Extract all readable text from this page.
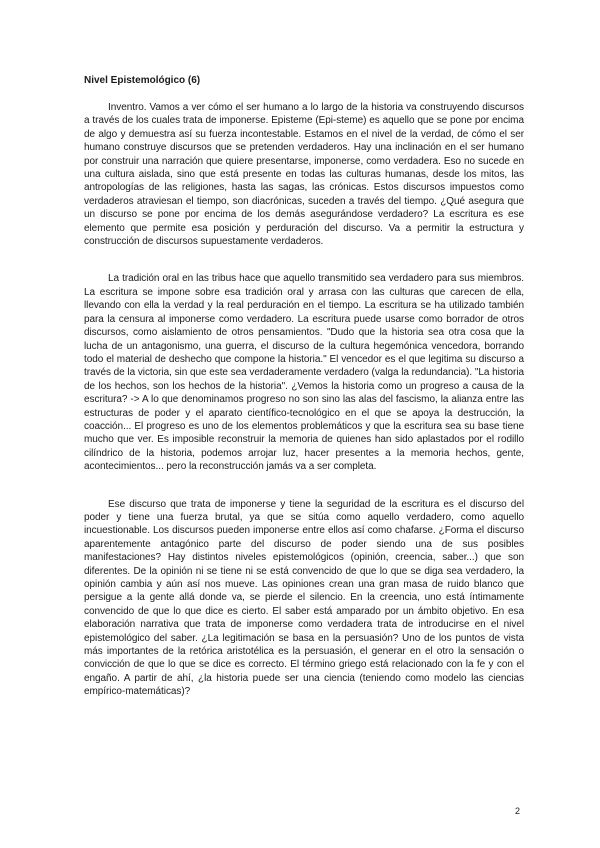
Nivel Epistemológico (6)

Inventro. Vamos a ver cómo el ser humano a lo largo de la historia va construyendo discursos a través de los cuales trata de imponerse. Episteme (Epi-steme) es aquello que se pone por encima de algo y demuestra así su fuerza incontestable. Estamos en el nivel de la verdad, de cómo el ser humano construye discursos que se pretenden verdaderos. Hay una inclinación en el ser humano por construir una narración que quiere presentarse, imponerse, como verdadera. Eso no sucede en una cultura aislada, sino que está presente en todas las culturas humanas, desde los mitos, las antropologías de las religiones, hasta las sagas, las crónicas. Estos discursos impuestos como verdaderos atraviesan el tiempo, son diacrónicas, suceden a través del tiempo. ¿Qué asegura que un discurso se pone por encima de los demás asegurándose verdadero? La escritura es ese elemento que permite esa posición y perduración del discurso. Va a permitir la estructura y construcción de discursos supuestamente verdaderos.

La tradición oral en las tribus hace que aquello transmitido sea verdadero para sus miembros. La escritura se impone sobre esa tradición oral y arrasa con las culturas que carecen de ella, llevando con ella la verdad y la real perduración en el tiempo. La escritura se ha utilizado también para la censura al imponerse como verdadero. La escritura puede usarse como borrador de otros discursos, como aislamiento de otros pensamientos. "Dudo que la historia sea otra cosa que la lucha de un antagonismo, una guerra, el discurso de la cultura hegemónica vencedora, borrando todo el material de deshecho que compone la historia." El vencedor es el que legitima su discurso a través de la victoria, sin que este sea verdaderamente verdadero (valga la redundancia). "La historia de los hechos, son los hechos de la historia". ¿Vemos la historia como un progreso a causa de la escritura? -> A lo que denominamos progreso no son sino las alas del fascismo, la alianza entre las estructuras de poder y el aparato científico-tecnológico en el que se apoya la destrucción, la coacción... El progreso es uno de los elementos problemáticos y que la escritura sea su base tiene mucho que ver. Es imposible reconstruir la memoria de quienes han sido aplastados por el rodillo cilíndrico de la historia, podemos arrojar luz, hacer presentes a la memoria hechos, gente, acontecimientos... pero la reconstrucción jamás va a ser completa.

Ese discurso que trata de imponerse y tiene la seguridad de la escritura es el discurso del poder y tiene una fuerza brutal, ya que se sitúa como aquello verdadero, como aquello incuestionable. Los discursos pueden imponerse entre ellos así como chafarse. ¿Forma el discurso aparentemente antagónico parte del discurso de poder siendo una de sus posibles manifestaciones? Hay distintos niveles epistemológicos (opinión, creencia, saber...) que son diferentes. De la opinión ni se tiene ni se está convencido de que lo que se diga sea verdadero, la opinión cambia y aún así nos mueve. Las opiniones crean una gran masa de ruido blanco que persigue a la gente allá donde va, se pierde el silencio. En la creencia, uno está íntimamente convencido de que lo que dice es cierto. El saber está amparado por un ámbito objetivo. En esa elaboración narrativa que trata de imponerse como verdadera trata de introducirse en el nivel epistemológico del saber. ¿La legitimación se basa en la persuasión? Uno de los puntos de vista más importantes de la retórica aristotélica es la persuasión, el generar en el otro la sensación o convicción de que lo que se dice es correcto. El término griego está relacionado con la fe y con el engaño. A partir de ahí, ¿la historia puede ser una ciencia (teniendo como modelo las ciencias empírico-matemáticas)?

2
